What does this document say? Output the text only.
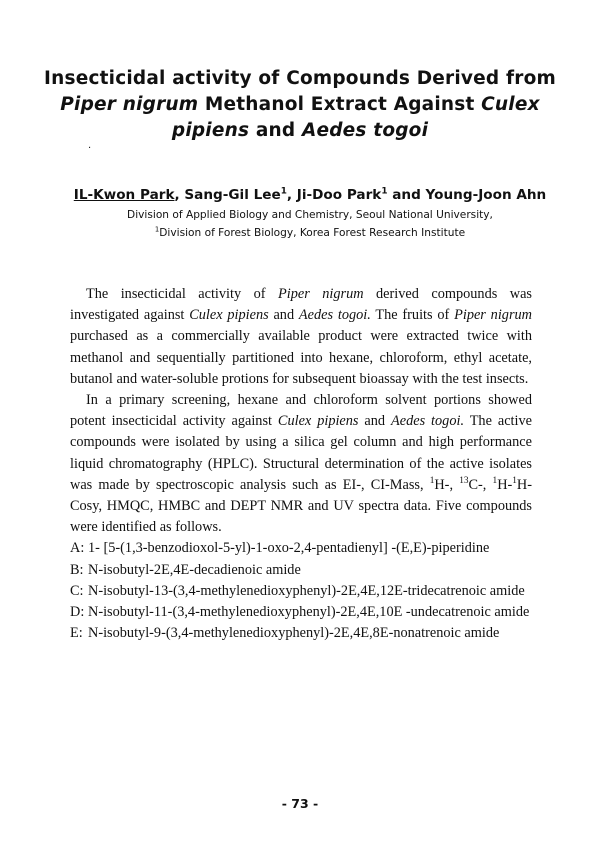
Insecticidal activity of Compounds Derived from
Piper nigrum Methanol Extract Against Culex
pipiens and Aedes togoi
.
IL-Kwon Park, Sang-Gil Lee$^1$, Ji-Doo Park$^1$ and Young-Joon Ahn
Division of Applied Biology and Chemistry, Seoul National University,
$^1$Division of Forest Biology, Korea Forest Research Institute

The insecticidal activity of Piper nigrum derived compounds was investigated against Culex pipiens and Aedes togoi. The fruits of Piper nigrum purchased as a commercially available product were extracted twice with methanol and sequentially partitioned into hexane, chloroform, ethyl acetate, butanol and water-soluble protions for subsequent bioassay with the test insects.

In a primary screening, hexane and chloroform solvent portions showed potent insecticidal activity against Culex pipiens and Aedes togoi. The active compounds were isolated by using a silica gel column and high performance liquid chromatography (HPLC). Structural determination of the active isolates was made by spectroscopic analysis such as EI-, CI-Mass, $^1$H-, $^{13}$C-, $^1$H-$^1$H-Cosy, HMQC, HMBC and DEPT NMR and UV spectra data. Five compounds were identified as follows.

A: 1- [5-(1,3-benzodioxol-5-yl)-1-oxo-2,4-pentadienyl] -(E,E)-piperidine
B: N-isobutyl-2E,4E-decadienoic amide
C: N-isobutyl-13-(3,4-methylenedioxyphenyl)-2E,4E,12E-tridecatrenoic amide
D: N-isobutyl-11-(3,4-methylenedioxyphenyl)-2E,4E,10E -undecatrenoic amide
E: N-isobutyl-9-(3,4-methylenedioxyphenyl)-2E,4E,8E-nonatrenoic amide
- 73 -
